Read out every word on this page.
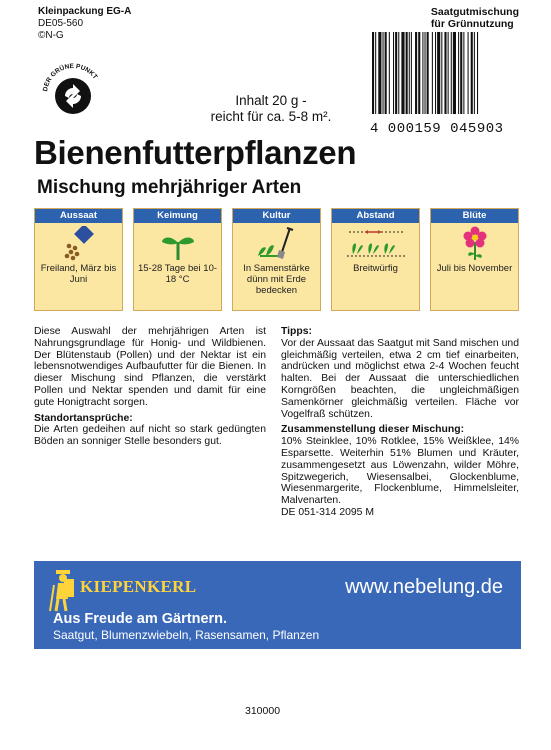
Kleinpackung EG-A
DE05-560
©N-G
Saatgutmischung
für Grünnutzung
DER GRÜNE PUNKT
Inhalt 20 g -
reicht für ca. 5-8 m².
4 000159 045903
Bienenfutterpflanzen
Mischung mehrjähriger Arten
Aussaat
Freiland, März bis Juni
Keimung
15-28 Tage bei 10-18 °C
Kultur
In Samenstärke dünn mit Erde bedecken
Abstand
Breitwürfig
Blüte
Juli bis November

Diese Auswahl der mehrjährigen Arten ist Nahrungsgrundlage für Honig- und Wildbienen. Der Blütenstaub (Pollen) und der Nektar ist ein lebensnotwendiges Aufbaufutter für die Bienen. In dieser Mischung sind Pflanzen, die verstärkt Pollen und Nektar spenden und damit für eine gute Honigtracht sorgen.

Standortansprüche:

Die Arten gedeihen auf nicht so stark gedüngten Böden an sonniger Stelle besonders gut.

Tipps:

Vor der Aussaat das Saatgut mit Sand mischen und gleichmäßig verteilen, etwa 2 cm tief einarbeiten, andrücken und möglichst etwa 2-4 Wochen feucht halten. Bei der Aussaat die unterschiedlichen Korngrößen beachten, die ungleichmäßigen Samenkörner gleichmäßig verteilen. Fläche vor Vogelfraß schützen.

Zusammenstellung dieser Mischung:

10% Steinklee, 10% Rotklee, 15% Weißklee, 14% Esparsette. Weiterhin 51% Blumen und Kräuter, zusammengesetzt aus Löwenzahn, wilder Möhre, Spitzwegerich, Wiesensalbei, Glockenblume, Wiesenmargerite, Flockenblume, Himmelsleiter, Malvenarten.

DE 051-314 2095 M

KIEPENKERL	www.nebelung.de
Aus Freude am Gärtnern.
Saatgut, Blumenzwiebeln, Rasensamen, Pflanzen
310000
